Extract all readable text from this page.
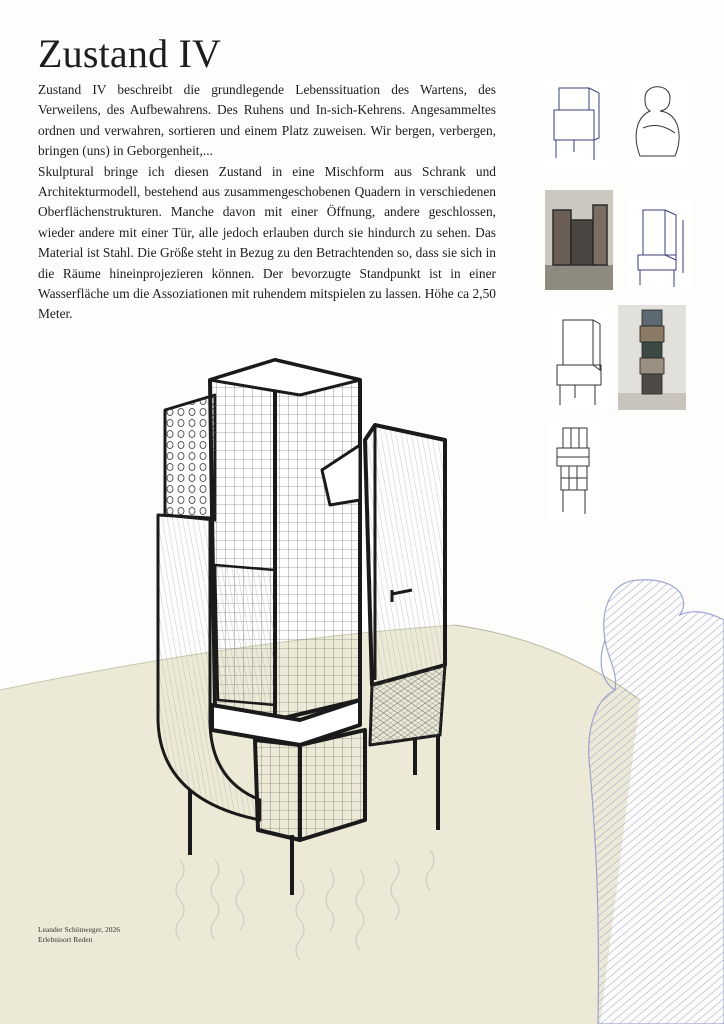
Zustand IV

Zustand IV beschreibt die grundlegende Lebenssituation des Wartens, des Verweilens, des Aufbewahrens. Des Ruhens und In-sich-Kehrens. Angesammeltes ordnen und verwahren, sortieren und einem Platz zuweisen. Wir bergen, verbergen, bringen (uns) in Geborgenheit,...

Skulptural bringe ich diesen Zustand in eine Mischform aus Schrank und Architekturmodell, bestehend aus zusammengeschobenen Quadern in verschiedenen Oberflächenstrukturen. Manche davon mit einer Öffnung, andere geschlossen, wieder andere mit einer Tür, alle jedoch erlauben durch sie hindurch zu sehen. Das Material ist Stahl. Die Größe steht in Bezug zu den Betrachtenden so, dass sie sich in die Räume hineinprojezieren können. Der bevorzugte Standpunkt ist in einer Wasserfläche um die Assoziationen mit ruhendem mitspielen zu lassen. Höhe ca 2,50 Meter.

Leander Schönweger, 2026
Erlebnisort Reden
